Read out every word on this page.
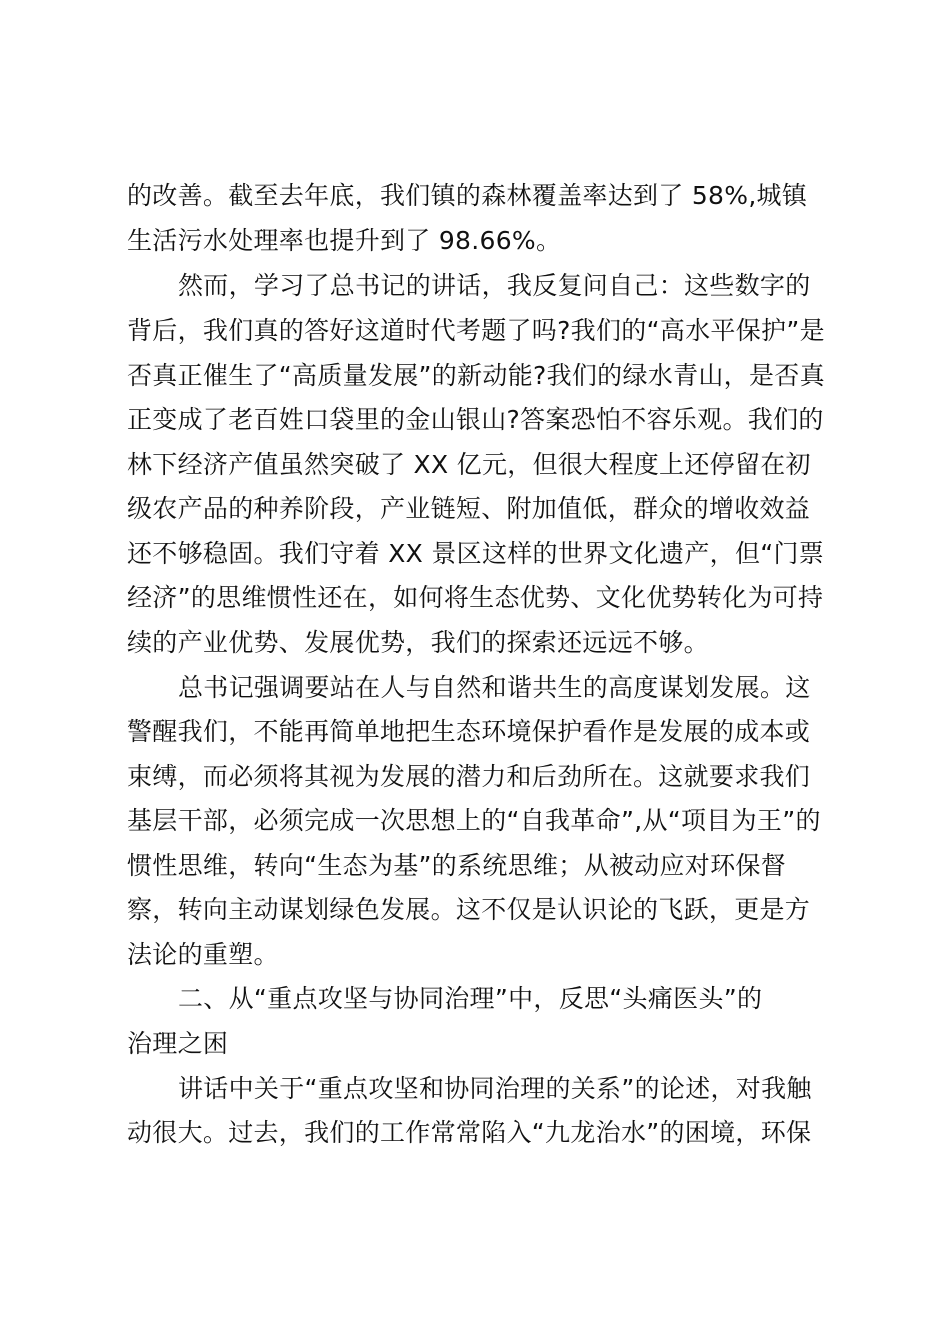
的改善。截至去年底，我们镇的森林覆盖率达到了 58%,城镇
生活污水处理率也提升到了 98.66%。
然而，学习了总书记的讲话，我反复问自己：这些数字的
背后，我们真的答好这道时代考题了吗?我们的“高水平保护”是
否真正催生了“高质量发展”的新动能?我们的绿水青山，是否真
正变成了老百姓口袋里的金山银山?答案恐怕不容乐观。我们的
林下经济产值虽然突破了 XX 亿元，但很大程度上还停留在初
级农产品的种养阶段，产业链短、附加值低，群众的增收效益
还不够稳固。我们守着 XX 景区这样的世界文化遗产，但“门票
经济”的思维惯性还在，如何将生态优势、文化优势转化为可持
续的产业优势、发展优势，我们的探索还远远不够。
总书记强调要站在人与自然和谐共生的高度谋划发展。这
警醒我们，不能再简单地把生态环境保护看作是发展的成本或
束缚，而必须将其视为发展的潜力和后劲所在。这就要求我们
基层干部，必须完成一次思想上的“自我革命”,从“项目为王”的
惯性思维，转向“生态为基”的系统思维；从被动应对环保督
察，转向主动谋划绿色发展。这不仅是认识论的飞跃，更是方
法论的重塑。
二、从“重点攻坚与协同治理”中，反思“头痛医头”的
治理之困
讲话中关于“重点攻坚和协同治理的关系”的论述，对我触
动很大。过去，我们的工作常常陷入“九龙治水”的困境，环保
